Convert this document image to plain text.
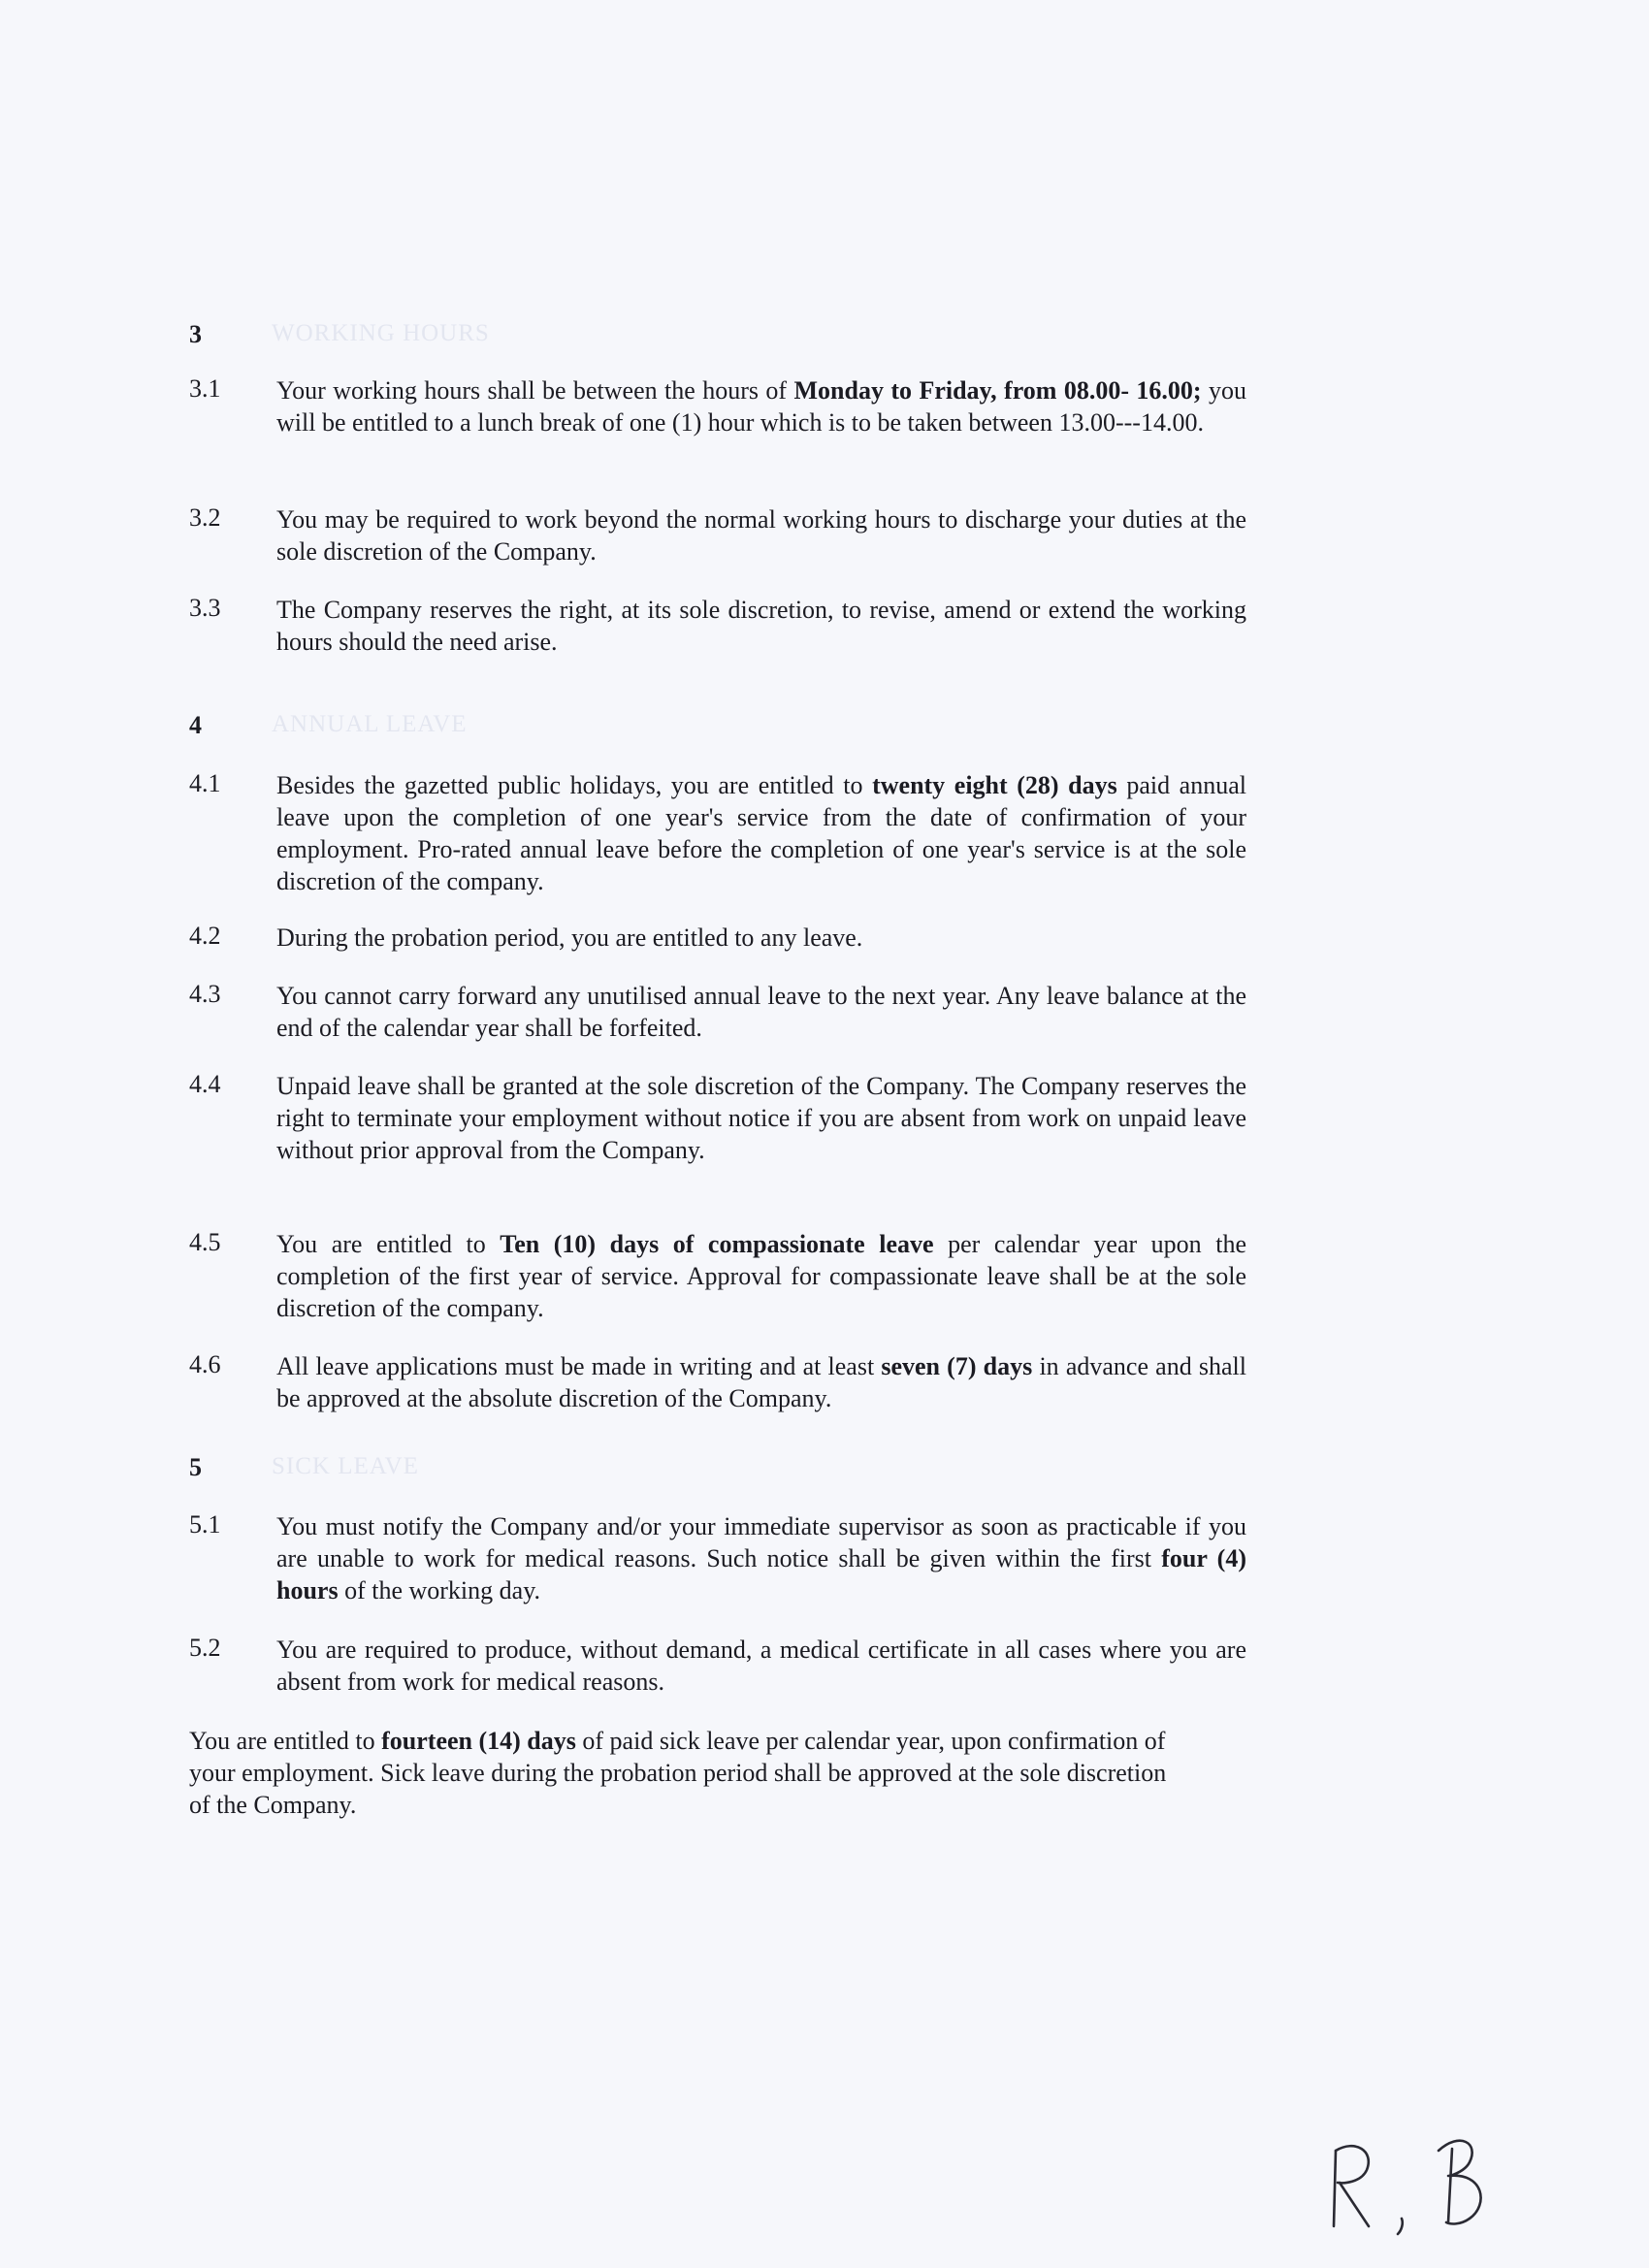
3	WORKING HOURS
3.1 Your working hours shall be between the hours of Monday to Friday, from 08.00- 16.00; you will be entitled to a lunch break of one (1) hour which is to be taken between 13.00---14.00.
3.2 You may be required to work beyond the normal working hours to discharge your duties at the sole discretion of the Company.
3.3 The Company reserves the right, at its sole discretion, to revise, amend or extend the working hours should the need arise.
4	ANNUAL LEAVE
4.1 Besides the gazetted public holidays, you are entitled to twenty eight (28) days paid annual leave upon the completion of one year's service from the date of confirmation of your employment. Pro-rated annual leave before the completion of one year's service is at the sole discretion of the company.
4.2 During the probation period, you are entitled to any leave.
4.3 You cannot carry forward any unutilised annual leave to the next year. Any leave balance at the end of the calendar year shall be forfeited.
4.4 Unpaid leave shall be granted at the sole discretion of the Company. The Company reserves the right to terminate your employment without notice if you are absent from work on unpaid leave without prior approval from the Company.
4.5 You are entitled to Ten (10) days of compassionate leave per calendar year upon the completion of the first year of service. Approval for compassionate leave shall be at the sole discretion of the company.
4.6 All leave applications must be made in writing and at least seven (7) days in advance and shall be approved at the absolute discretion of the Company.
5	SICK LEAVE
5.1 You must notify the Company and/or your immediate supervisor as soon as practicable if you are unable to work for medical reasons. Such notice shall be given within the first four (4) hours of the working day.
5.2 You are required to produce, without demand, a medical certificate in all cases where you are absent from work for medical reasons.
You are entitled to fourteen (14) days of paid sick leave per calendar year, upon confirmation of your employment. Sick leave during the probation period shall be approved at the sole discretion of the Company.
